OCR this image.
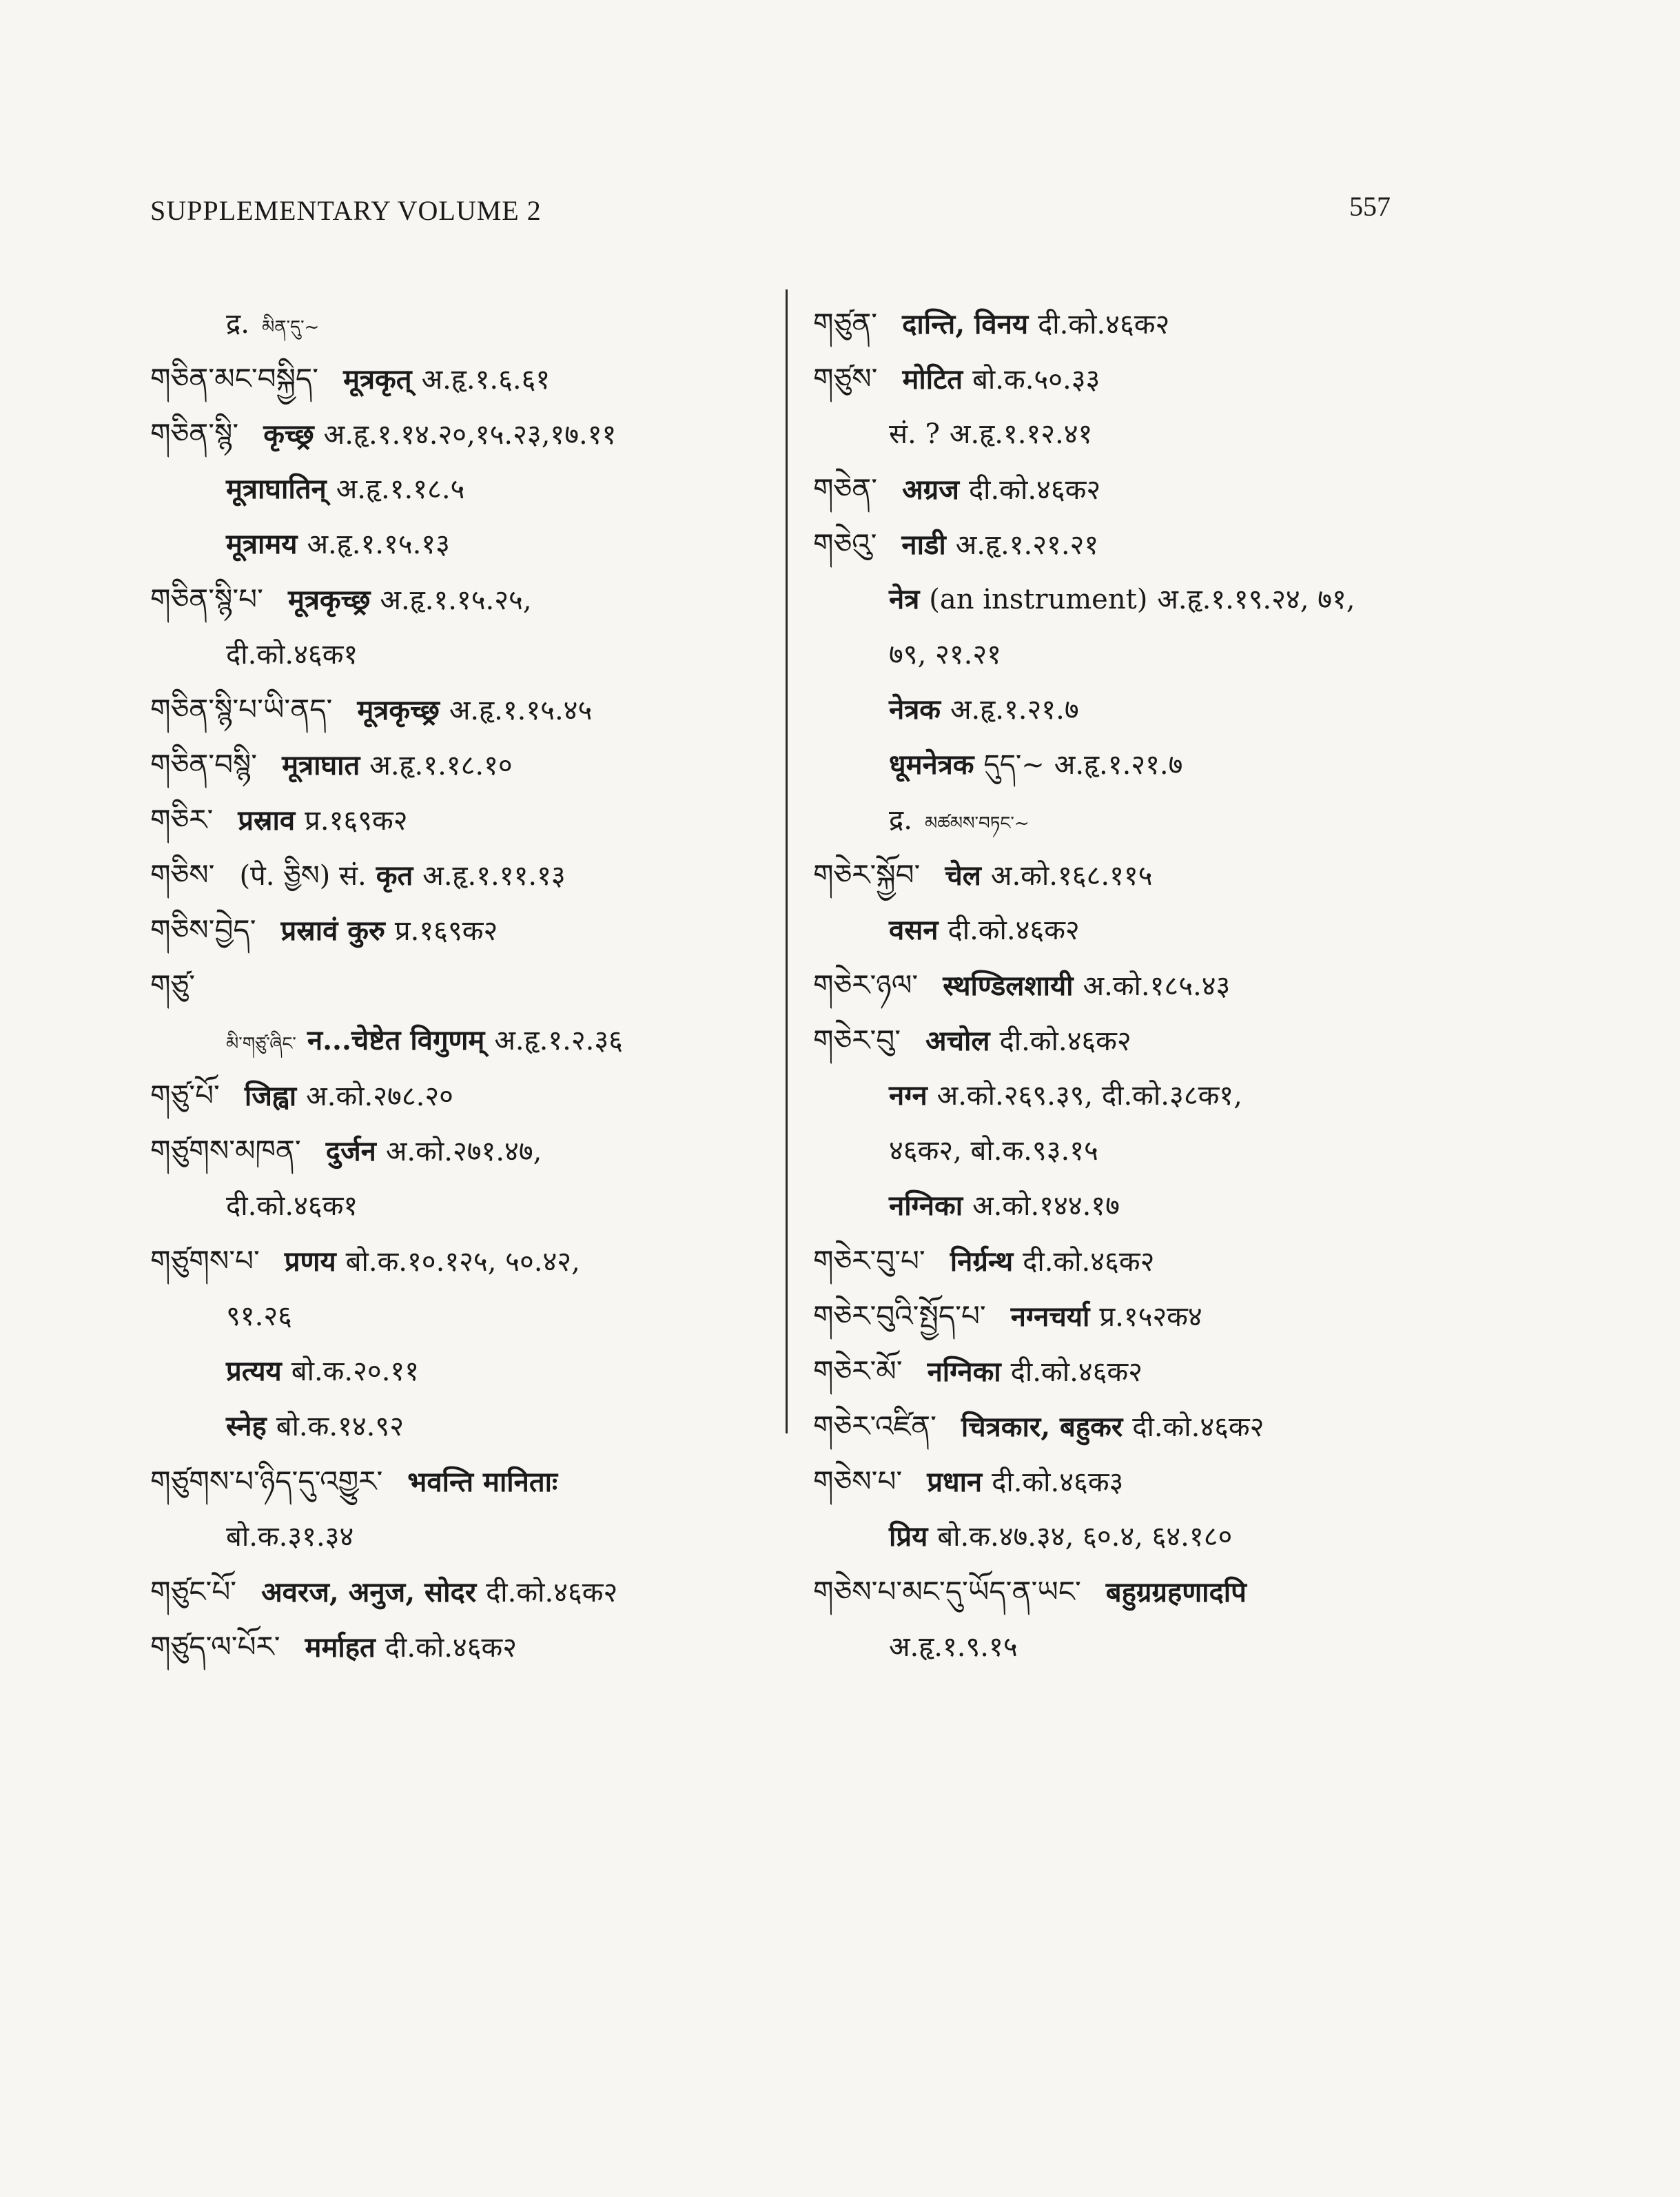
SUPPLEMENTARY VOLUME 2	557
द्र. མིན་དུ་~
གཅིན་མང་བསྐྱིད་ मूत्रकृत् अ.हृ.१.६.६१
གཅིན་སྙི་ कृच्छ्र अ.हृ.१.१४.२०,१५.२३,१७.११
मूत्राघातिन् अ.हृ.१.१८.५
मूत्रामय अ.हृ.१.१५.१३
གཅིན་སྙི་པ་ मूत्रकृच्छ्र अ.हृ.१.१५.२५,
दी.को.४६क१
གཅིན་སྙི་པ་ཡི་ནད་ मूत्रकृच्छ्र अ.हृ.१.१५.४५
གཅིན་བསྙི་ मूत्राघात अ.हृ.१.१८.१०
གཅིར་ प्रस्राव प्र.१६९क२
གཅིས་ (पे. ཅྱིས) सं. कृत अ.हृ.१.११.१३
གཅིས་བྱེད་ प्रस्रावं कुरु प्र.१६९क२
གཙུ་
མི་གཙུ་ཞིང་ न...चेष्टेत विगुणम् अ.हृ.१.२.३६
གཙུ་པོ་ जिह्वा अ.को.२७८.२०
གཙུགས་མཁན་ दुर्जन अ.को.२७१.४७,
दी.को.४६क१
གཙུགས་པ་ प्रणय बो.क.१०.१२५, ५०.४२,
९१.२६
प्रत्यय बो.क.२०.११
स्नेह बो.क.१४.९२
གཙུགས་པ་ཉིད་དུ་འགྱུར་ भवन्ति मानिताः
बो.क.३१.३४
གཙུང་པོ་ अवरज, अनुज, सोदर दी.को.४६क२
གཙུད་ལ་པོར་ मर्माहत दी.को.४६क२
གཙུན་ दान्ति, विनय दी.को.४६क२
གཙུས་ मोटित बो.क.५०.३३
सं. ? अ.हृ.१.१२.४१
གཅེན་ अग्रज दी.को.४६क२
གཅེའུ་ नाडी अ.हृ.१.२१.२१
नेत्र (an instrument) अ.हृ.१.१९.२४, ७१,
७९, २१.२१
नेत्रक अ.हृ.१.२१.७
धूमनेत्रक དུད་~ अ.हृ.१.२१.७
द्र. མཚམས་བཏང་~
གཅེར་སྐྱོབ་ चेल अ.को.१६८.११५
वसन दी.को.४६क२
གཅེར་ཉལ་ स्थण्डिलशायी अ.को.१८५.४३
གཅེར་བུ་ अचोल दी.को.४६क२
नग्न अ.को.२६९.३९, दी.को.३८क१,
४६क२, बो.क.९३.१५
नग्निका अ.को.१४४.१७
གཅེར་བུ་པ་ निर्ग्रन्थ दी.को.४६क२
གཅེར་བུའི་སྤྱོད་པ་ नग्नचर्या प्र.१५२क४
གཅེར་མོ་ नग्निका दी.को.४६क२
གཅེར་འཛིན་ चित्रकार, बहुकर दी.को.४६क२
གཅེས་པ་ प्रधान दी.को.४६क३
प्रिय बो.क.४७.३४, ६०.४, ६४.१८०
གཅེས་པ་མང་དུ་ཡོད་ན་ཡང་ बहुग्रग्रहणादपि
अ.हृ.१.९.१५
